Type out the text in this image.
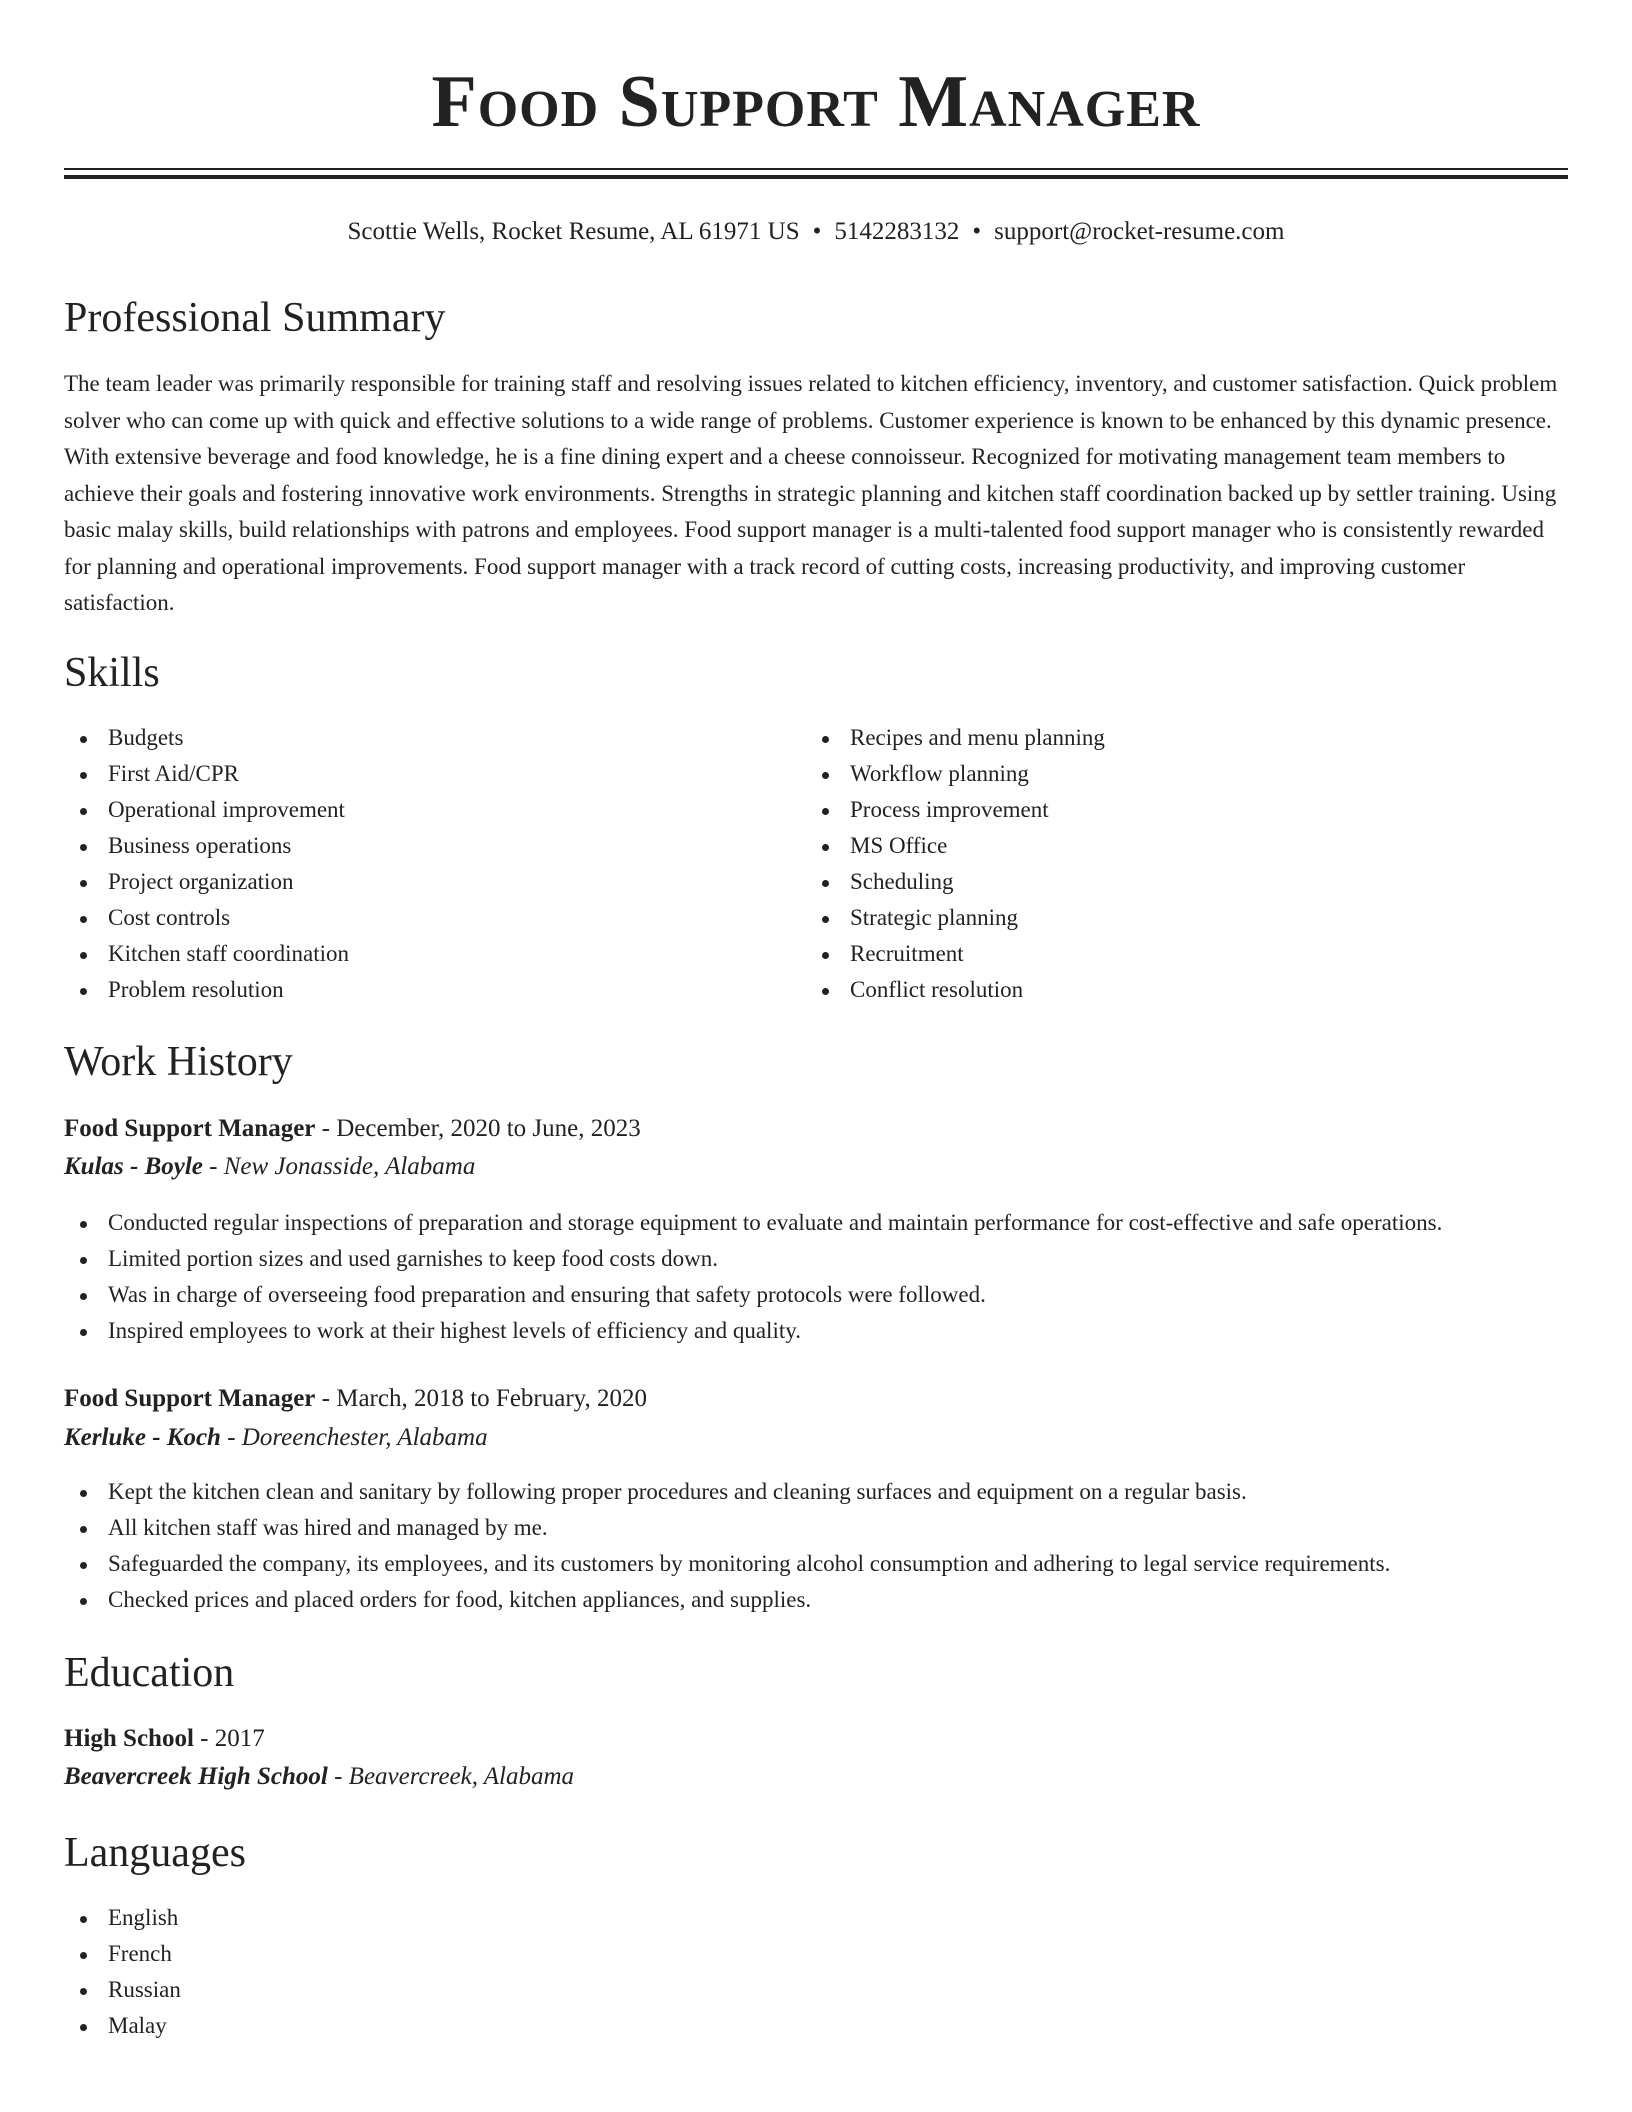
Food Support Manager
Scottie Wells, Rocket Resume, AL 61971 US • 5142283132 • support@rocket-resume.com
Professional Summary

The team leader was primarily responsible for training staff and resolving issues related to kitchen efficiency, inventory, and customer satisfaction. Quick problem solver who can come up with quick and effective solutions to a wide range of problems. Customer experience is known to be enhanced by this dynamic presence. With extensive beverage and food knowledge, he is a fine dining expert and a cheese connoisseur. Recognized for motivating management team members to achieve their goals and fostering innovative work environments. Strengths in strategic planning and kitchen staff coordination backed up by settler training. Using basic malay skills, build relationships with patrons and employees. Food support manager is a multi-talented food support manager who is consistently rewarded for planning and operational improvements. Food support manager with a track record of cutting costs, increasing productivity, and improving customer satisfaction.

Skills
Budgets
First Aid/CPR
Operational improvement
Business operations
Project organization
Cost controls
Kitchen staff coordination
Problem resolution
Recipes and menu planning
Workflow planning
Process improvement
MS Office
Scheduling
Strategic planning
Recruitment
Conflict resolution
Work History
Food Support Manager - December, 2020 to June, 2023
Kulas - Boyle - New Jonasside, Alabama
Conducted regular inspections of preparation and storage equipment to evaluate and maintain performance for cost-effective and safe operations.
Limited portion sizes and used garnishes to keep food costs down.
Was in charge of overseeing food preparation and ensuring that safety protocols were followed.
Inspired employees to work at their highest levels of efficiency and quality.
Food Support Manager - March, 2018 to February, 2020
Kerluke - Koch - Doreenchester, Alabama
Kept the kitchen clean and sanitary by following proper procedures and cleaning surfaces and equipment on a regular basis.
All kitchen staff was hired and managed by me.
Safeguarded the company, its employees, and its customers by monitoring alcohol consumption and adhering to legal service requirements.
Checked prices and placed orders for food, kitchen appliances, and supplies.
Education
High School - 2017
Beavercreek High School - Beavercreek, Alabama
Languages
English
French
Russian
Malay
